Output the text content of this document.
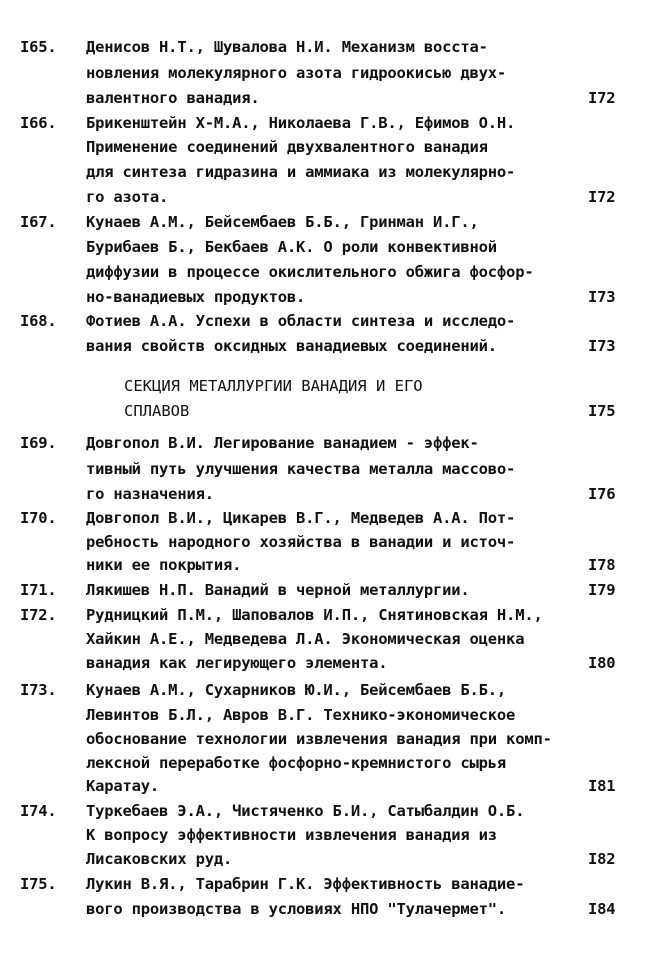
I65.	Денисов Н.Т., Шувалова Н.И. Механизм восста-
новления молекулярного азота гидроокисью двух-
валентного ванадия.	I72
I66.	Брикенштейн Х-М.А., Николаева Г.В., Ефимов О.Н.
Применение соединений двухвалентного ванадия
для синтеза гидразина и аммиака из молекулярно-
го азота.	I72
I67.	Кунаев А.М., Бейсембаев Б.Б., Гринман И.Г.,
Бурибаев Б., Бекбаев А.К. О роли конвективной
диффузии в процессе окислительного обжига фосфор-
но-ванадиевых продуктов.	I73
I68.	Фотиев А.А. Успехи в области синтеза и исследо-
вания свойств оксидных ванадиевых соединений.	I73
СЕКЦИЯ МЕТАЛЛУРГИИ ВАНАДИЯ И ЕГО
СПЛАВОВ	I75
I69.	Довгопол В.И. Легирование ванадием - эффек-
тивный путь улучшения качества металла массово-
го назначения.	I76
I70.	Довгопол В.И., Цикарев В.Г., Медведев А.А. Пот-
ребность народного хозяйства в ванадии и источ-
ники ее покрытия.	I78
I71.	Лякишев Н.П. Ванадий в черной металлургии.	I79
I72.	Рудницкий П.М., Шаповалов И.П., Снятиновская Н.М.,
Хайкин А.Е., Медведева Л.А. Экономическая оценка
ванадия как легирующего элемента.	I80
I73.	Кунаев А.М., Сухарников Ю.И., Бейсембаев Б.Б.,
Левинтов Б.Л., Авров В.Г. Технико-экономическое
обоснование технологии извлечения ванадия при комп-
лексной переработке фосфорно-кремнистого сырья
Каратау.	I81
I74.	Туркебаев Э.А., Чистяченко Б.И., Сатыбалдин О.Б.
К вопросу эффективности извлечения ванадия из
Лисаковских руд.	I82
I75.	Лукин В.Я., Тарабрин Г.К. Эффективность ванадие-
вого производства в условиях НПО "Тулачермет".	I84
